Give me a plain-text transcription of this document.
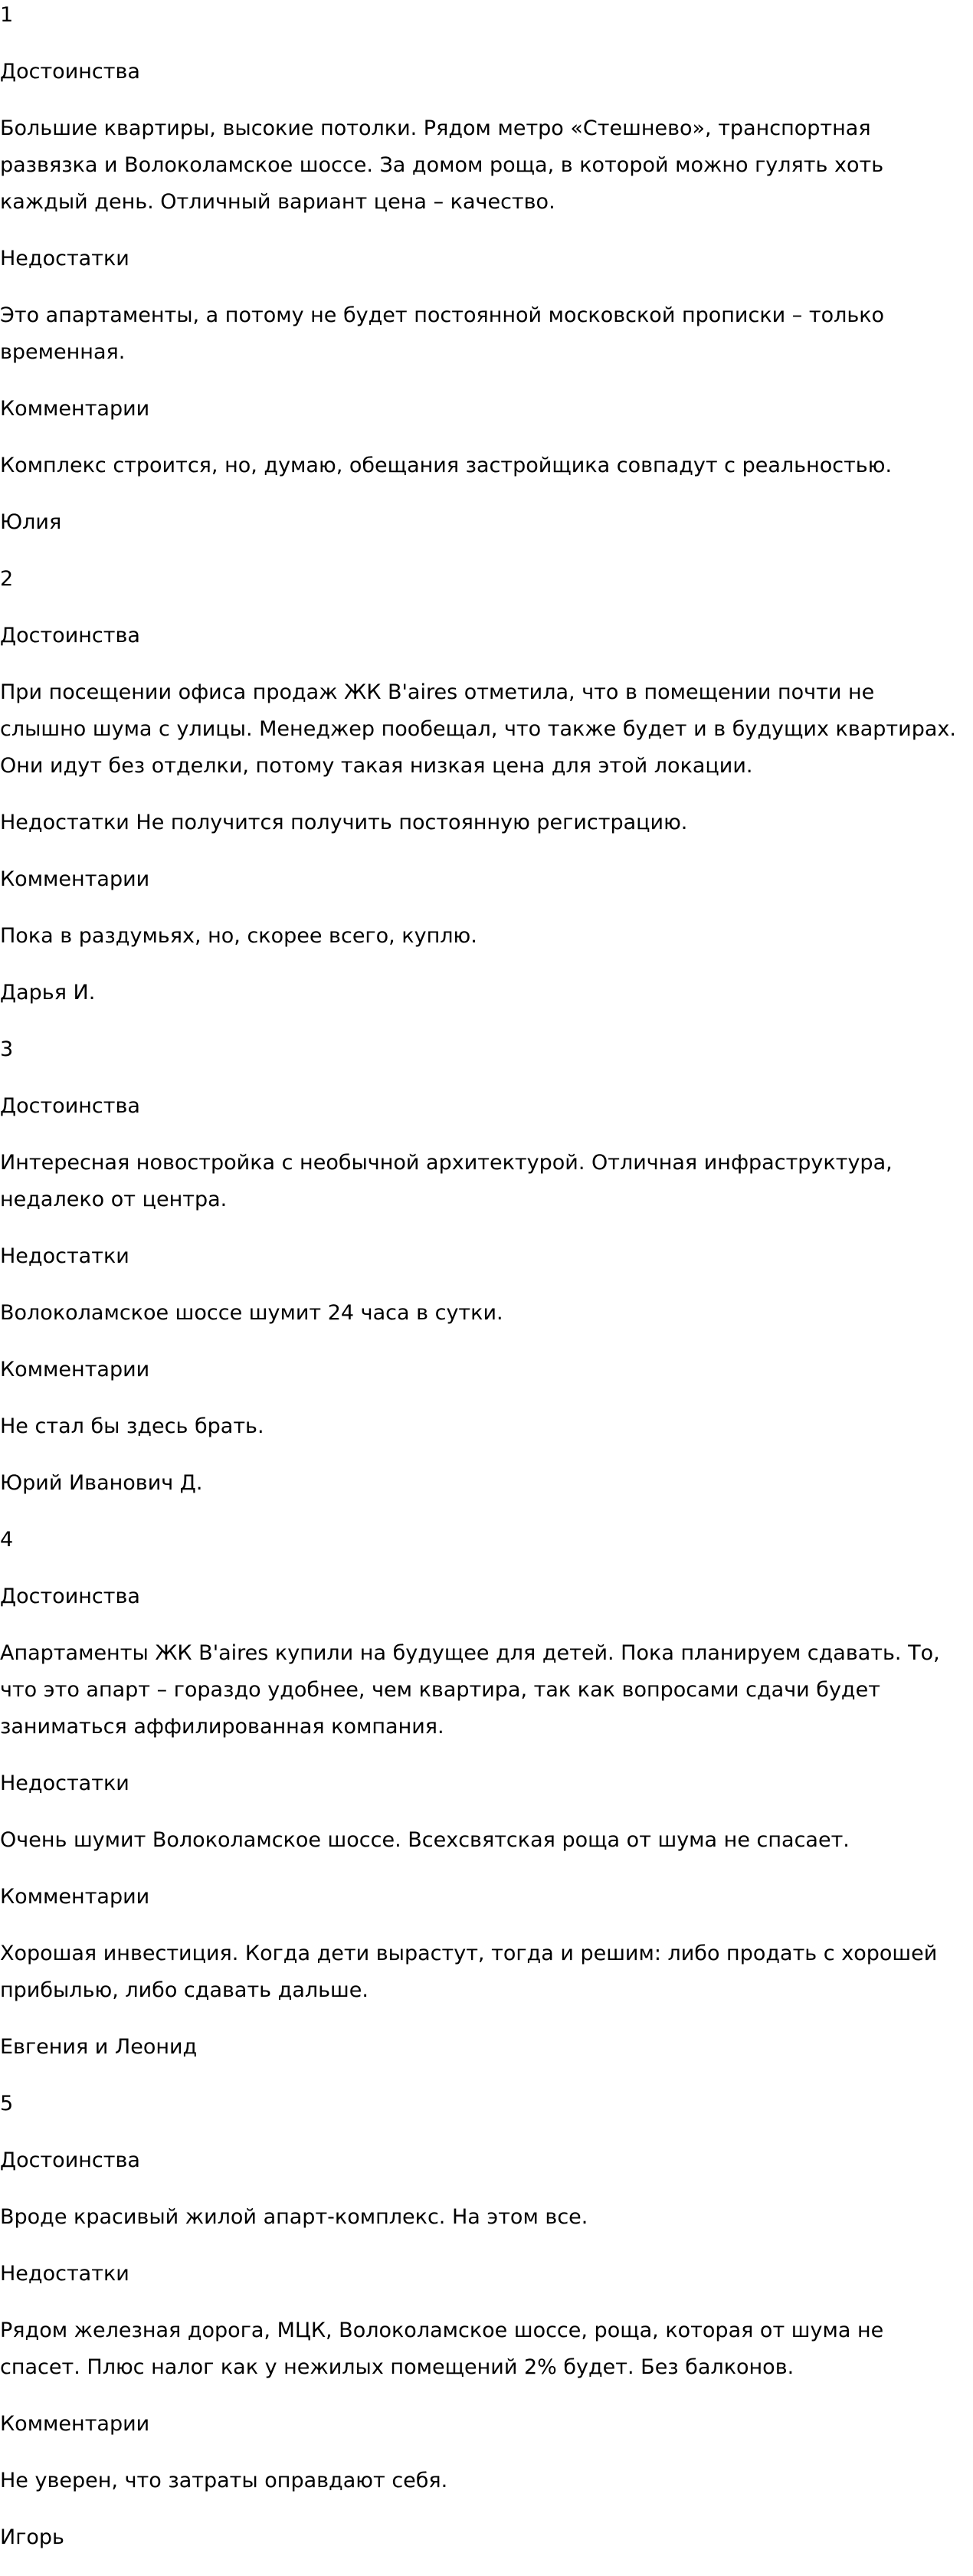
1

Достоинства

Большие квартиры, высокие потолки. Рядом метро «Стешнево», транспортная развязка и Волоколамское шоссе. За домом роща, в которой можно гулять хоть каждый день. Отличный вариант цена – качество.

Недостатки

Это апартаменты, а потому не будет постоянной московской прописки – только временная.

Комментарии

Комплекс строится, но, думаю, обещания застройщика совпадут с реальностью.

Юлия

2

Достоинства

При посещении офиса продаж ЖК B'aires отметила, что в помещении почти не слышно шума с улицы. Менеджер пообещал, что также будет и в будущих квартирах. Они идут без отделки, потому такая низкая цена для этой локации.

Недостатки Не получится получить постоянную регистрацию.

Комментарии

Пока в раздумьях, но, скорее всего, куплю.

Дарья И.

3

Достоинства

Интересная новостройка с необычной архитектурой. Отличная инфраструктура, недалеко от центра.

Недостатки

Волоколамское шоссе шумит 24 часа в сутки.

Комментарии

Не стал бы здесь брать.

Юрий Иванович Д.

4

Достоинства

Апартаменты ЖК B'aires купили на будущее для детей. Пока планируем сдавать. То, что это апарт – гораздо удобнее, чем квартира, так как вопросами сдачи будет заниматься аффилированная компания.

Недостатки

Очень шумит Волоколамское шоссе. Всехсвятская роща от шума не спасает.

Комментарии

Хорошая инвестиция. Когда дети вырастут, тогда и решим: либо продать с хорошей прибылью, либо сдавать дальше.

Евгения и Леонид

5

Достоинства

Вроде красивый жилой апарт-комплекс. На этом все.

Недостатки

Рядом железная дорога, МЦК, Волоколамское шоссе, роща, которая от шума не спасет. Плюс налог как у нежилых помещений 2% будет. Без балконов.

Комментарии

Не уверен, что затраты оправдают себя.

Игорь
